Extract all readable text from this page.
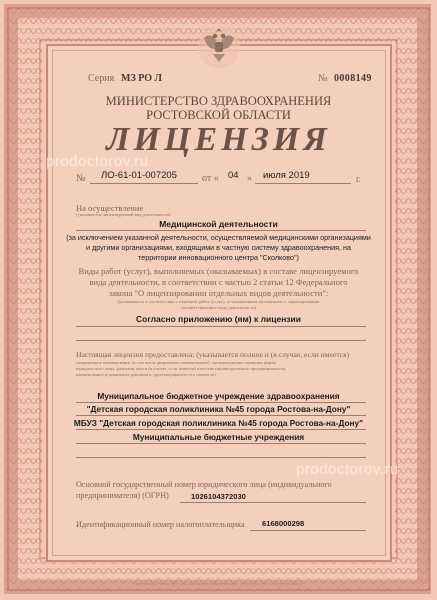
Серия МЗ РО Л	№ 0008149

МИНИСТЕРСТВО ЗДРАВООХРАНЕНИЯ

РОСТОВСКОЙ ОБЛАСТИ

ЛИЦЕНЗИЯ

№ ЛО-61-01-007205	от « 04 » июля 2019	г.

На осуществление

(указывается лицензируемый вид деятельности)

Медицинской деятельности

(за исключением указанной деятельности, осуществляемой медицинскими организациями

и другими организациями, входящими в частную систему здравоохранения, на

территории инновационного центра "Сколково")

Виды работ (услуг), выполняемых (оказываемых) в составе лицензируемого

вида деятельности, в соответствии с частью 2 статьи 12 Федерального

закона "О лицензировании отдельных видов деятельности":

(указываются в соответствии с перечнем работ (услуг), установленным положением о лицензировании

соответствующего вида деятельности)

Согласно приложению (ям) к лицензии

Настоящая лицензия предоставлена: (указывается полное и (в случае, если имеется)

сокращенное наименование (в том числе фирменное наименование), организационно-правовая форма

юридического лица, фамилия, имя и (в случае, если имеется) отчество индивидуального предпринимателя,

наименование и реквизиты документа, удостоверяющего его личность)

Муниципальное бюджетное учреждение здравоохранения

"Детская городская поликлиника №45 города Ростова-на-Дону"

МБУЗ "Детская городская поликлиника №45 города Ростова-на-Дону"

Муниципальные бюджетные учреждения

Основной государственный номер юридического лица (индивидуального

предпринимателя) (ОГРН)	1026104372030

Идентификационный номер налогоплательщика 6168000298

ООО «ЗНАК», г. Москва, 2019 г., «В», лицензия № 05-05-09/003 ФНС РФ, т. з. № 1234. Тел.: (495) 726-47-42, www.znak.ru

prodoctorov.ru

prodoctorov.ru
